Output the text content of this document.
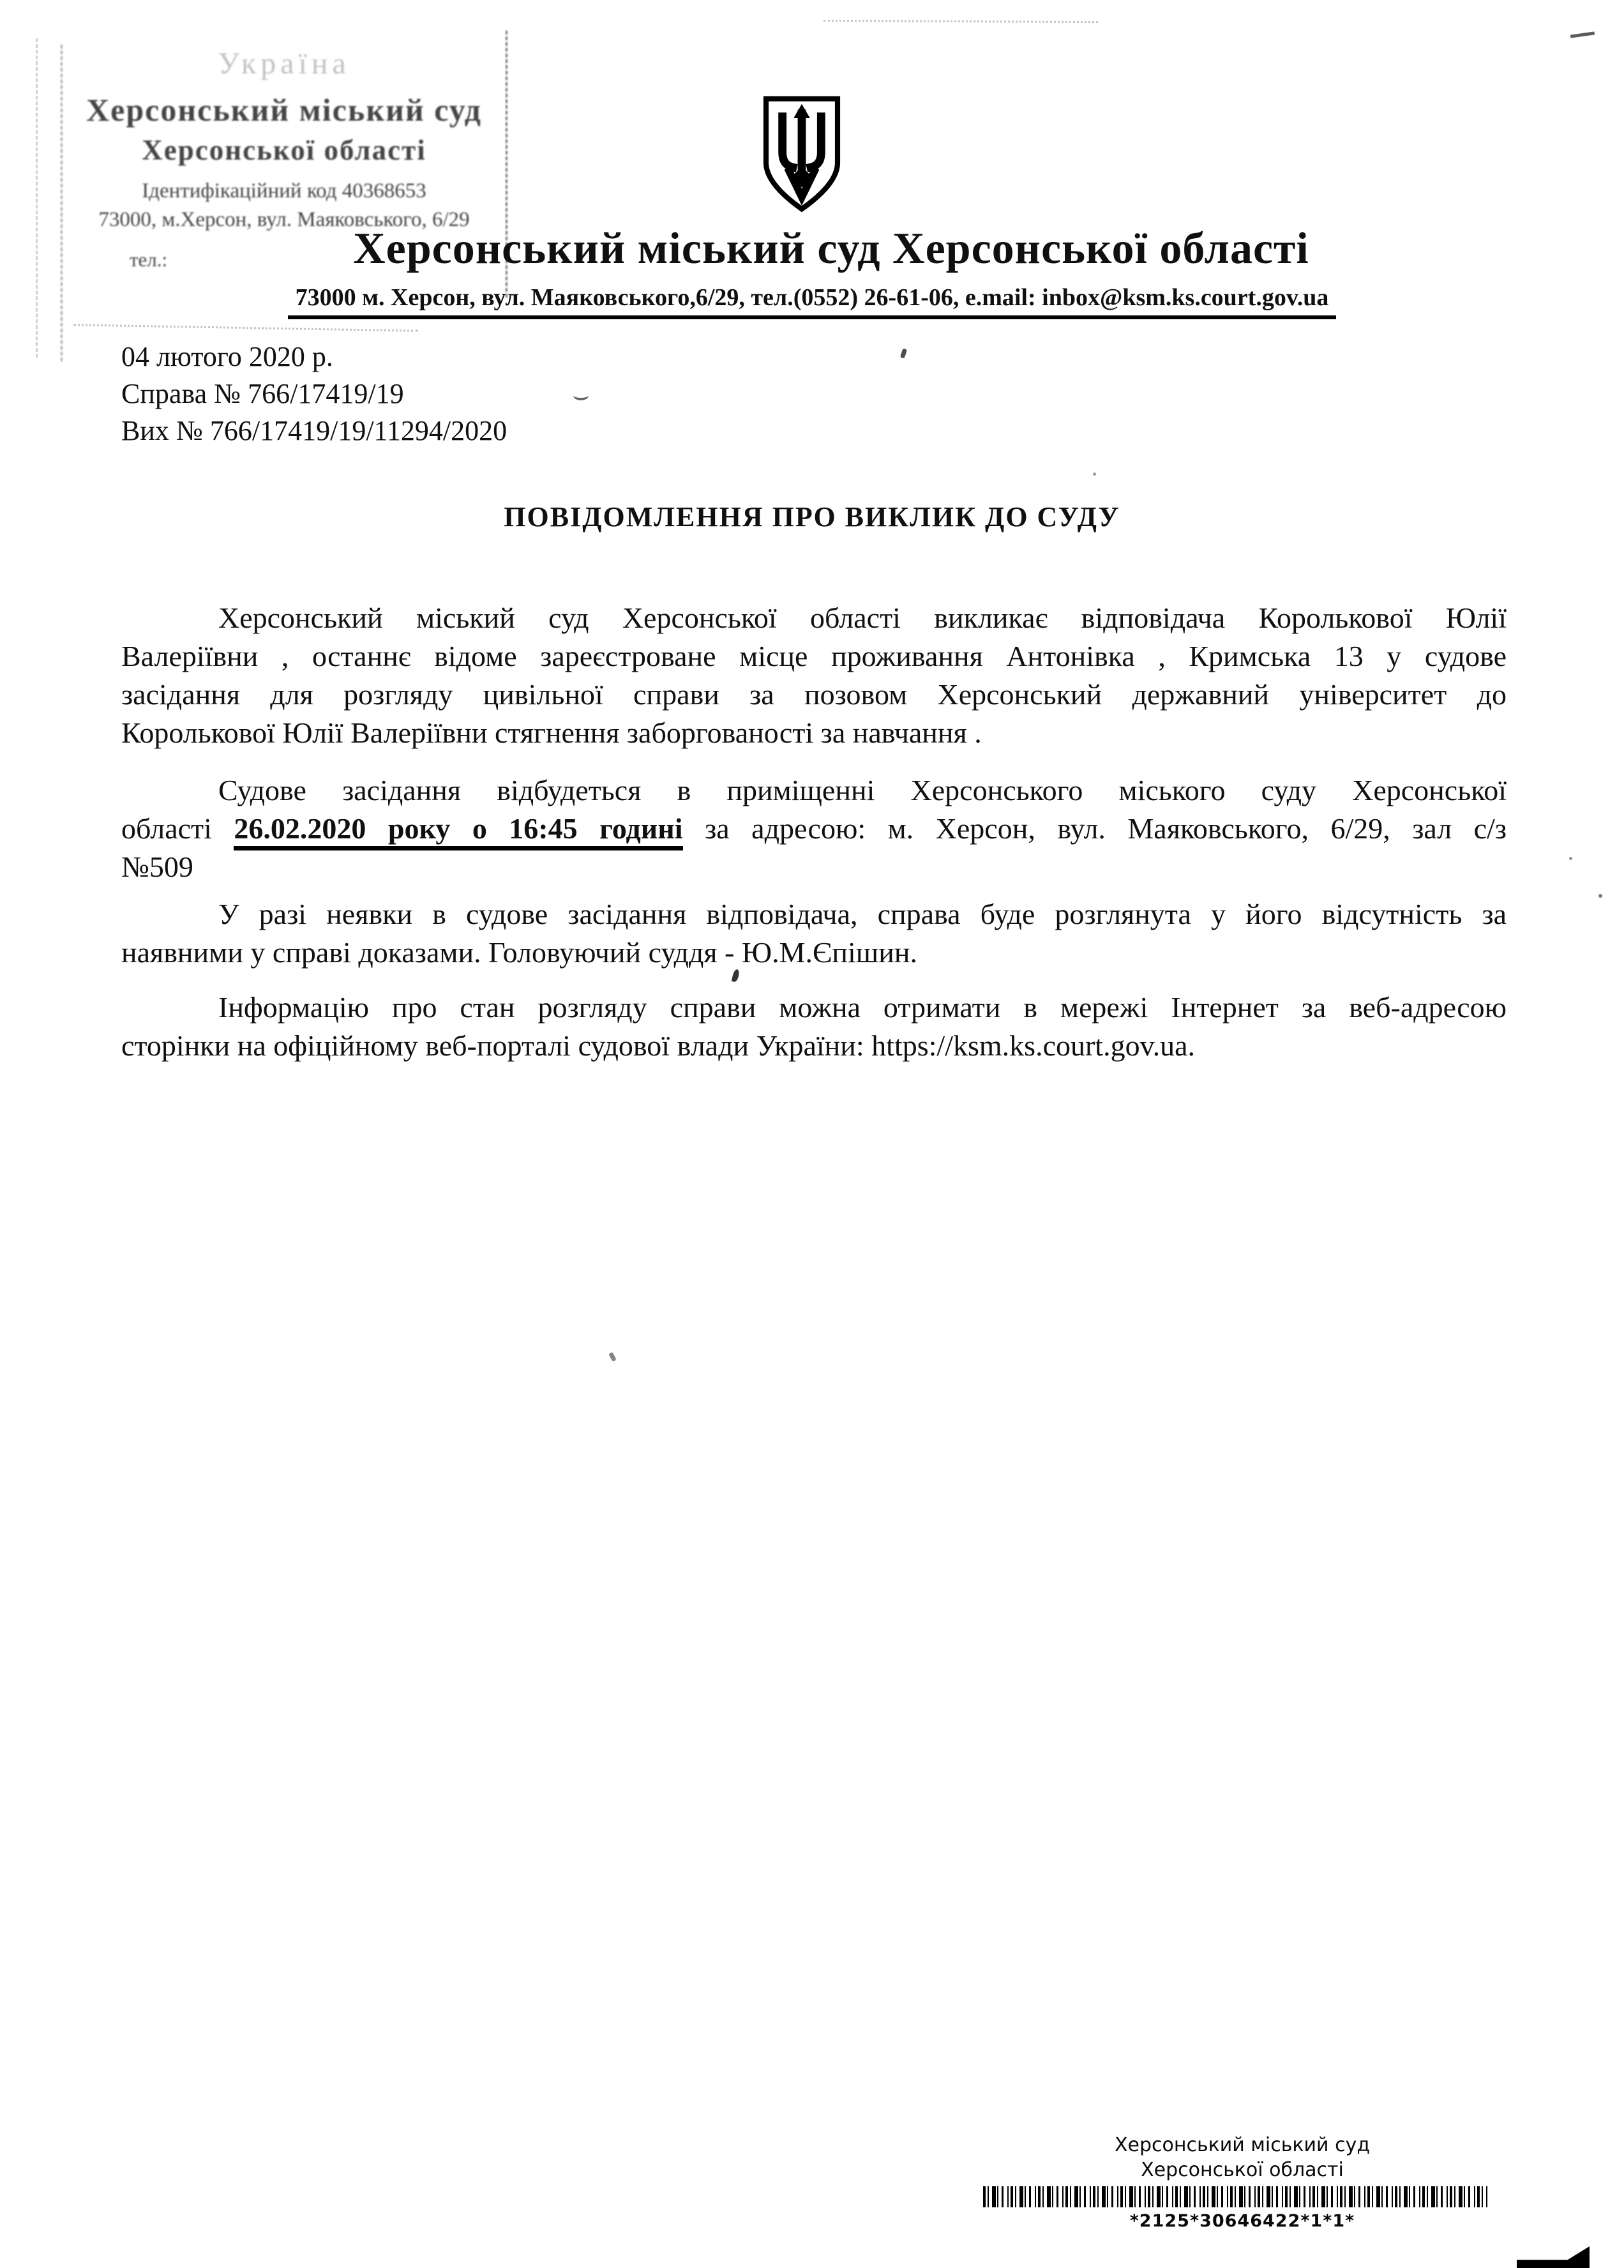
Україна
Херсонський міський суд
Херсонської області
Ідентифікаційний код 40368653
73000, м.Херсон, вул. Маяковського, 6/29
тел.:	Херсонський міський суд Херсонської області
73000 м. Херсон, вул. Маяковського,6/29, тел.(0552) 26-61-06, e.mail: inbox@ksm.ks.court.gov.ua
04 лютого 2020 р.
Справа № 766/17419/19
Вих № 766/17419/19/11294/2020
ПОВІДОМЛЕННЯ ПРО ВИКЛИК ДО СУДУ
Херсонський міський суд Херсонської області викликає відповідача Королькової Юлії
Валеріївни , останнє відоме зареєстроване місце проживання Антонівка , Кримська 13 у судове
засідання для розгляду цивільної справи за позовом Херсонський державний університет до
Королькової Юлії Валеріївни стягнення заборгованості за навчання .
Судове засідання відбудеться в приміщенні Херсонського міського суду Херсонської
області 26.02.2020 року о 16:45 годині за адресою: м. Херсон, вул. Маяковського, 6/29, зал с/з
№509
У разі неявки в судове засідання відповідача, справа буде розглянута у його відсутність за
наявними у справі доказами. Головуючий суддя - Ю.М.Єпішин.
Інформацію про стан розгляду справи можна отримати в мережі Інтернет за веб-адресою
сторінки на офіційному веб-порталі судової влади України: https://ksm.ks.court.gov.ua.
Херсонський міський суд
Херсонської області
*2125*30646422*1*1*
